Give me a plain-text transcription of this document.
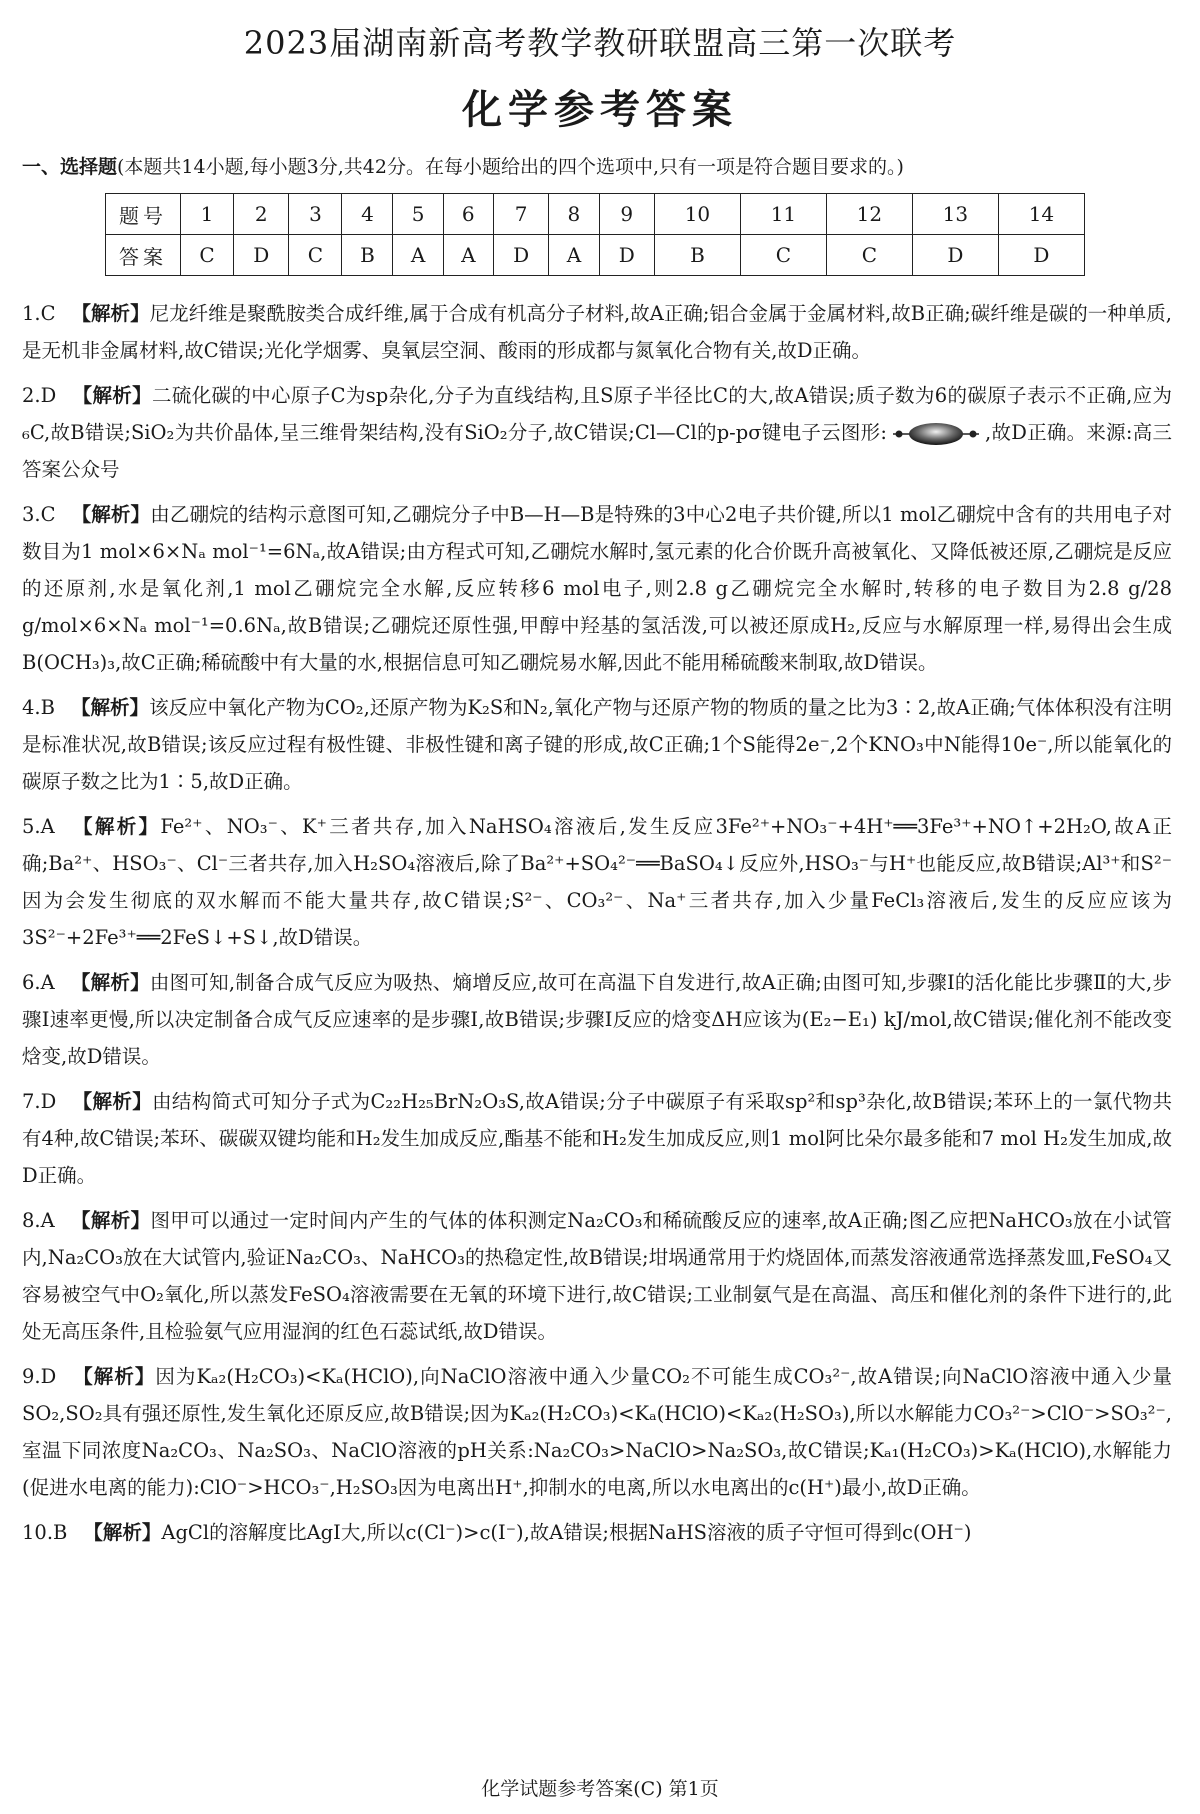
2023届湖南新高考教学教研联盟高三第一次联考
化学参考答案
一、选择题(本题共14小题,每小题3分,共42分。在每小题给出的四个选项中,只有一项是符合题目要求的。)
题号	1	2	3	4	5	6	7	8	9	10	11	12	13	14
答案	C	D	C	B	A	A	D	A	D	B	C	C	D	D

1.C 【解析】尼龙纤维是聚酰胺类合成纤维,属于合成有机高分子材料,故A正确;铝合金属于金属材料,故B正确;碳纤维是碳的一种单质,是无机非金属材料,故C错误;光化学烟雾、臭氧层空洞、酸雨的形成都与氮氧化合物有关,故D正确。

2.D 【解析】二硫化碳的中心原子C为sp杂化,分子为直线结构,且S原子半径比C的大,故A错误;质子数为6的碳原子表示不正确,应为₆C,故B错误;SiO₂为共价晶体,呈三维骨架结构,没有SiO₂分子,故C错误;Cl—Cl的p-pσ键电子云图形:	,故D正确。来源:高三答案公众号

3.C 【解析】由乙硼烷的结构示意图可知,乙硼烷分子中B—H—B是特殊的3中心2电子共价键,所以1 mol乙硼烷中含有的共用电子对数目为1 mol×6×Nₐ mol⁻¹=6Nₐ,故A错误;由方程式可知,乙硼烷水解时,氢元素的化合价既升高被氧化、又降低被还原,乙硼烷是反应的还原剂,水是氧化剂,1 mol乙硼烷完全水解,反应转移6 mol电子,则2.8 g乙硼烷完全水解时,转移的电子数目为2.8 g/28 g/mol×6×Nₐ mol⁻¹=0.6Nₐ,故B错误;乙硼烷还原性强,甲醇中羟基的氢活泼,可以被还原成H₂,反应与水解原理一样,易得出会生成B(OCH₃)₃,故C正确;稀硫酸中有大量的水,根据信息可知乙硼烷易水解,因此不能用稀硫酸来制取,故D错误。

4.B 【解析】该反应中氧化产物为CO₂,还原产物为K₂S和N₂,氧化产物与还原产物的物质的量之比为3∶2,故A正确;气体体积没有注明是标准状况,故B错误;该反应过程有极性键、非极性键和离子键的形成,故C正确;1个S能得2e⁻,2个KNO₃中N能得10e⁻,所以能氧化的碳原子数之比为1∶5,故D正确。

5.A 【解析】Fe²⁺、NO₃⁻、K⁺三者共存,加入NaHSO₄溶液后,发生反应3Fe²⁺+NO₃⁻+4H⁺══3Fe³⁺+NO↑+2H₂O,故A正确;Ba²⁺、HSO₃⁻、Cl⁻三者共存,加入H₂SO₄溶液后,除了Ba²⁺+SO₄²⁻══BaSO₄↓反应外,HSO₃⁻与H⁺也能反应,故B错误;Al³⁺和S²⁻因为会发生彻底的双水解而不能大量共存,故C错误;S²⁻、CO₃²⁻、Na⁺三者共存,加入少量FeCl₃溶液后,发生的反应应该为3S²⁻+2Fe³⁺══2FeS↓+S↓,故D错误。

6.A 【解析】由图可知,制备合成气反应为吸热、熵增反应,故可在高温下自发进行,故A正确;由图可知,步骤Ⅰ的活化能比步骤Ⅱ的大,步骤Ⅰ速率更慢,所以决定制备合成气反应速率的是步骤Ⅰ,故B错误;步骤Ⅰ反应的焓变ΔH应该为(E₂−E₁) kJ/mol,故C错误;催化剂不能改变焓变,故D错误。

7.D 【解析】由结构简式可知分子式为C₂₂H₂₅BrN₂O₃S,故A错误;分子中碳原子有采取sp²和sp³杂化,故B错误;苯环上的一氯代物共有4种,故C错误;苯环、碳碳双键均能和H₂发生加成反应,酯基不能和H₂发生加成反应,则1 mol阿比朵尔最多能和7 mol H₂发生加成,故D正确。

8.A 【解析】图甲可以通过一定时间内产生的气体的体积测定Na₂CO₃和稀硫酸反应的速率,故A正确;图乙应把NaHCO₃放在小试管内,Na₂CO₃放在大试管内,验证Na₂CO₃、NaHCO₃的热稳定性,故B错误;坩埚通常用于灼烧固体,而蒸发溶液通常选择蒸发皿,FeSO₄又容易被空气中O₂氧化,所以蒸发FeSO₄溶液需要在无氧的环境下进行,故C错误;工业制氨气是在高温、高压和催化剂的条件下进行的,此处无高压条件,且检验氨气应用湿润的红色石蕊试纸,故D错误。

9.D 【解析】因为Kₐ₂(H₂CO₃)<Kₐ(HClO),向NaClO溶液中通入少量CO₂不可能生成CO₃²⁻,故A错误;向NaClO溶液中通入少量SO₂,SO₂具有强还原性,发生氧化还原反应,故B错误;因为Kₐ₂(H₂CO₃)<Kₐ(HClO)<Kₐ₂(H₂SO₃),所以水解能力CO₃²⁻>ClO⁻>SO₃²⁻,室温下同浓度Na₂CO₃、Na₂SO₃、NaClO溶液的pH关系:Na₂CO₃>NaClO>Na₂SO₃,故C错误;Kₐ₁(H₂CO₃)>Kₐ(HClO),水解能力(促进水电离的能力):ClO⁻>HCO₃⁻,H₂SO₃因为电离出H⁺,抑制水的电离,所以水电离出的c(H⁺)最小,故D正确。

10.B 【解析】AgCl的溶解度比AgI大,所以c(Cl⁻)>c(I⁻),故A错误;根据NaHS溶液的质子守恒可得到c(OH⁻)

化学试题参考答案(C) 第1页
